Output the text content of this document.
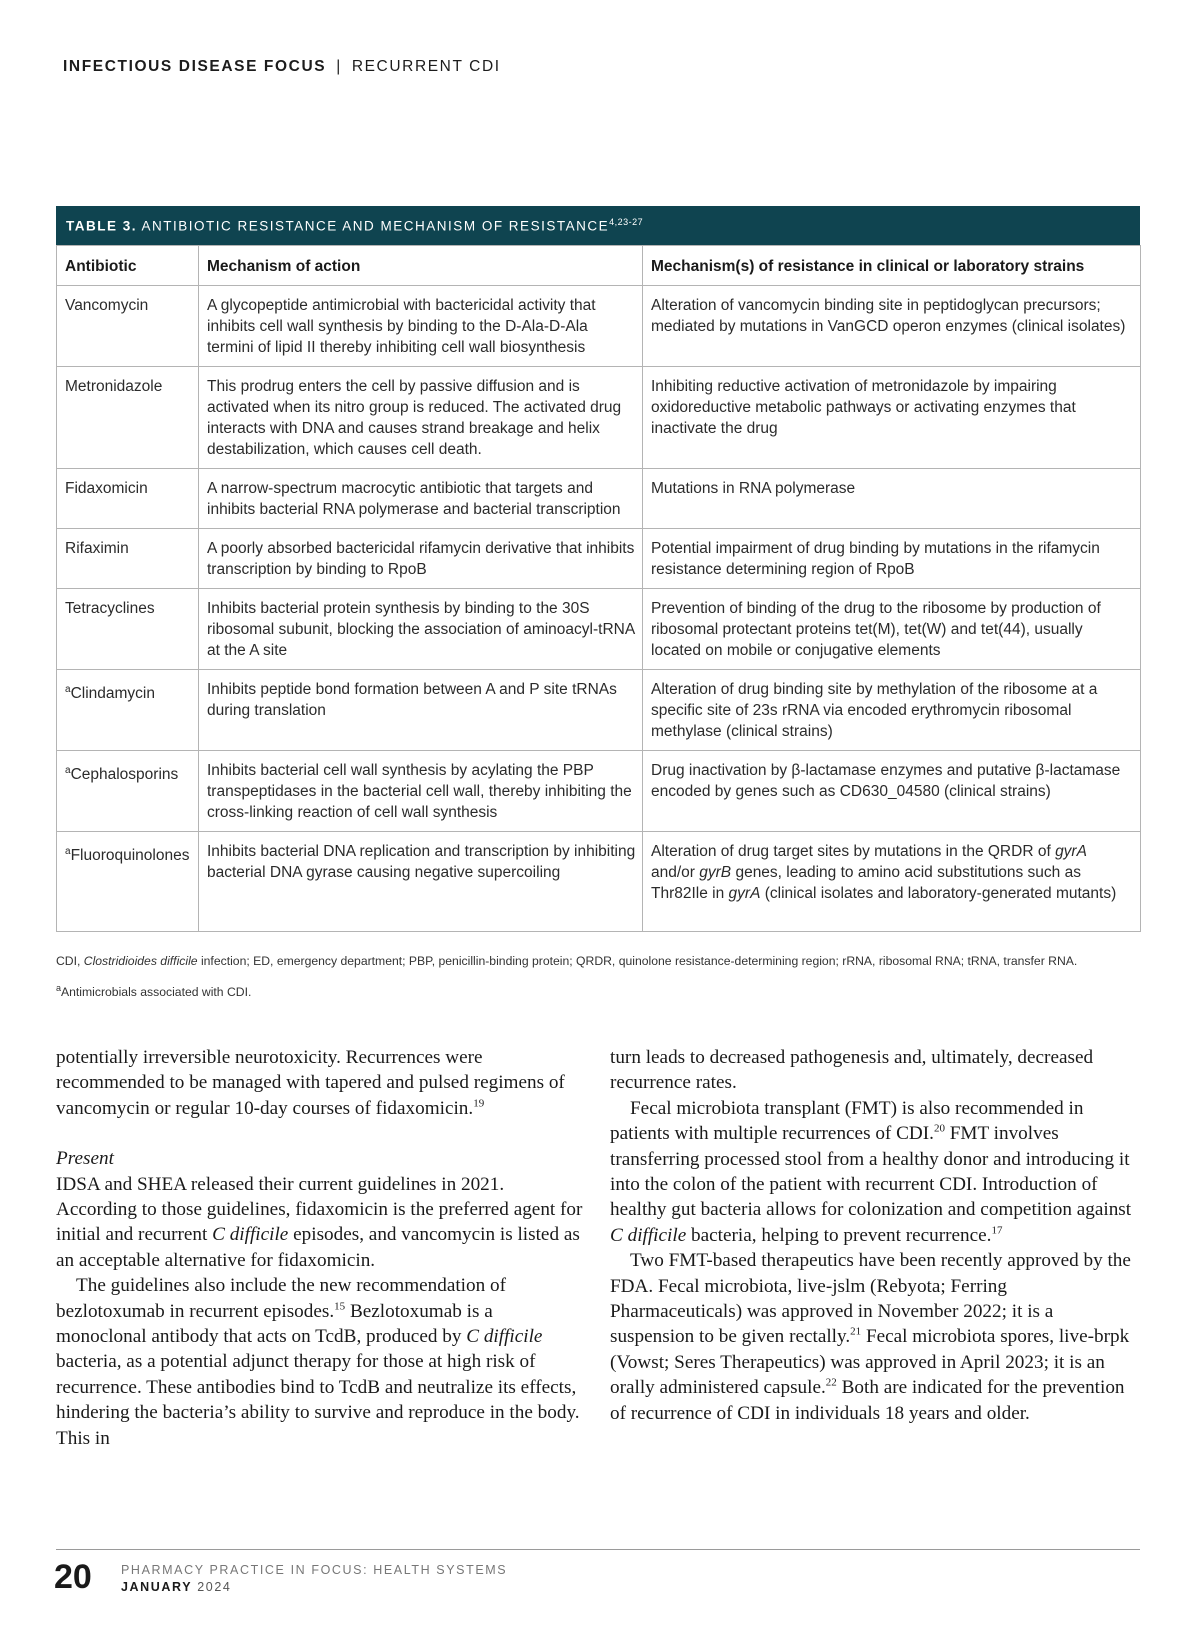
INFECTIOUS DISEASE FOCUS | RECURRENT CDI
TABLE 3. ANTIBIOTIC RESISTANCE AND MECHANISM OF RESISTANCE$^{4,23-27}$
Antibiotic	Mechanism of action	Mechanism(s) of resistance in clinical or laboratory strains
Vancomycin	A glycopeptide antimicrobial with bactericidal activity that inhibits cell wall synthesis by binding to the D-Ala-D-Ala termini of lipid II thereby inhibiting cell wall biosynthesis	Alteration of vancomycin binding site in peptidoglycan precursors; mediated by mutations in VanGCD operon enzymes (clinical isolates)
Metronidazole	This prodrug enters the cell by passive diffusion and is activated when its nitro group is reduced. The activated drug interacts with DNA and causes strand breakage and helix destabilization, which causes cell death.	Inhibiting reductive activation of metronidazole by impairing oxidoreductive metabolic pathways or activating enzymes that inactivate the drug
Fidaxomicin	A narrow-spectrum macrocytic antibiotic that targets and inhibits bacterial RNA polymerase and bacterial transcription	Mutations in RNA polymerase
Rifaximin	A poorly absorbed bactericidal rifamycin derivative that inhibits transcription by binding to RpoB	Potential impairment of drug binding by mutations in the rifamycin resistance determining region of RpoB
Tetracyclines	Inhibits bacterial protein synthesis by binding to the 30S ribosomal subunit, blocking the association of aminoacyl-tRNA at the A site	Prevention of binding of the drug to the ribosome by production of ribosomal protectant proteins tet(M), tet(W) and tet(44), usually located on mobile or conjugative elements
$^a$Clindamycin	Inhibits peptide bond formation between A and P site tRNAs during translation	Alteration of drug binding site by methylation of the ribosome at a specific site of 23s rRNA via encoded erythromycin ribosomal methylase (clinical strains)
$^a$Cephalosporins	Inhibits bacterial cell wall synthesis by acylating the PBP transpeptidases in the bacterial cell wall, thereby inhibiting the cross-linking reaction of cell wall synthesis	Drug inactivation by β-lactamase enzymes and putative β-lactamase encoded by genes such as CD630_04580 (clinical strains)
$^a$Fluoroquinolones	Inhibits bacterial DNA replication and transcription by inhibiting bacterial DNA gyrase causing negative supercoiling	Alteration of drug target sites by mutations in the QRDR of gyrA and/or gyrB genes, leading to amino acid substitutions such as Thr82Ile in gyrA (clinical isolates and laboratory-generated mutants)
CDI, Clostridioides difficile infection; ED, emergency department; PBP, penicillin-binding protein; QRDR, quinolone resistance-determining region; rRNA, ribosomal RNA; tRNA, transfer RNA.
$^a$Antimicrobials associated with CDI.

potentially irreversible neurotoxicity. Recurrences were recommended to be managed with tapered and pulsed regimens of vancomycin or regular 10-day courses of fidaxomicin.$^{19}$

Present

IDSA and SHEA released their current guidelines in 2021. According to those guidelines, fidaxomicin is the preferred agent for initial and recurrent C difficile episodes, and vancomycin is listed as an acceptable alternative for fidaxomicin.

The guidelines also include the new recommendation of bezlotoxumab in recurrent episodes.$^{15}$ Bezlotoxumab is a monoclonal antibody that acts on TcdB, produced by C difficile bacteria, as a potential adjunct therapy for those at high risk of recurrence. These antibodies bind to TcdB and neutralize its effects, hindering the bacteria’s ability to survive and reproduce in the body. This in

turn leads to decreased pathogenesis and, ultimately, decreased recurrence rates.

Fecal microbiota transplant (FMT) is also recommended in patients with multiple recurrences of CDI.$^{20}$ FMT involves transferring processed stool from a healthy donor and introducing it into the colon of the patient with recurrent CDI. Introduction of healthy gut bacteria allows for colonization and competition against C difficile bacteria, helping to prevent recurrence.$^{17}$

Two FMT-based therapeutics have been recently approved by the FDA. Fecal microbiota, live-jslm (Rebyota; Ferring Pharmaceuticals) was approved in November 2022; it is a suspension to be given rectally.$^{21}$ Fecal microbiota spores, live-brpk (Vowst; Seres Therapeutics) was approved in April 2023; it is an orally administered capsule.$^{22}$ Both are indicated for the prevention of recurrence of CDI in individuals 18 years and older.

20 PHARMACY PRACTICE IN FOCUS: HEALTH SYSTEMS
JANUARY 2024
